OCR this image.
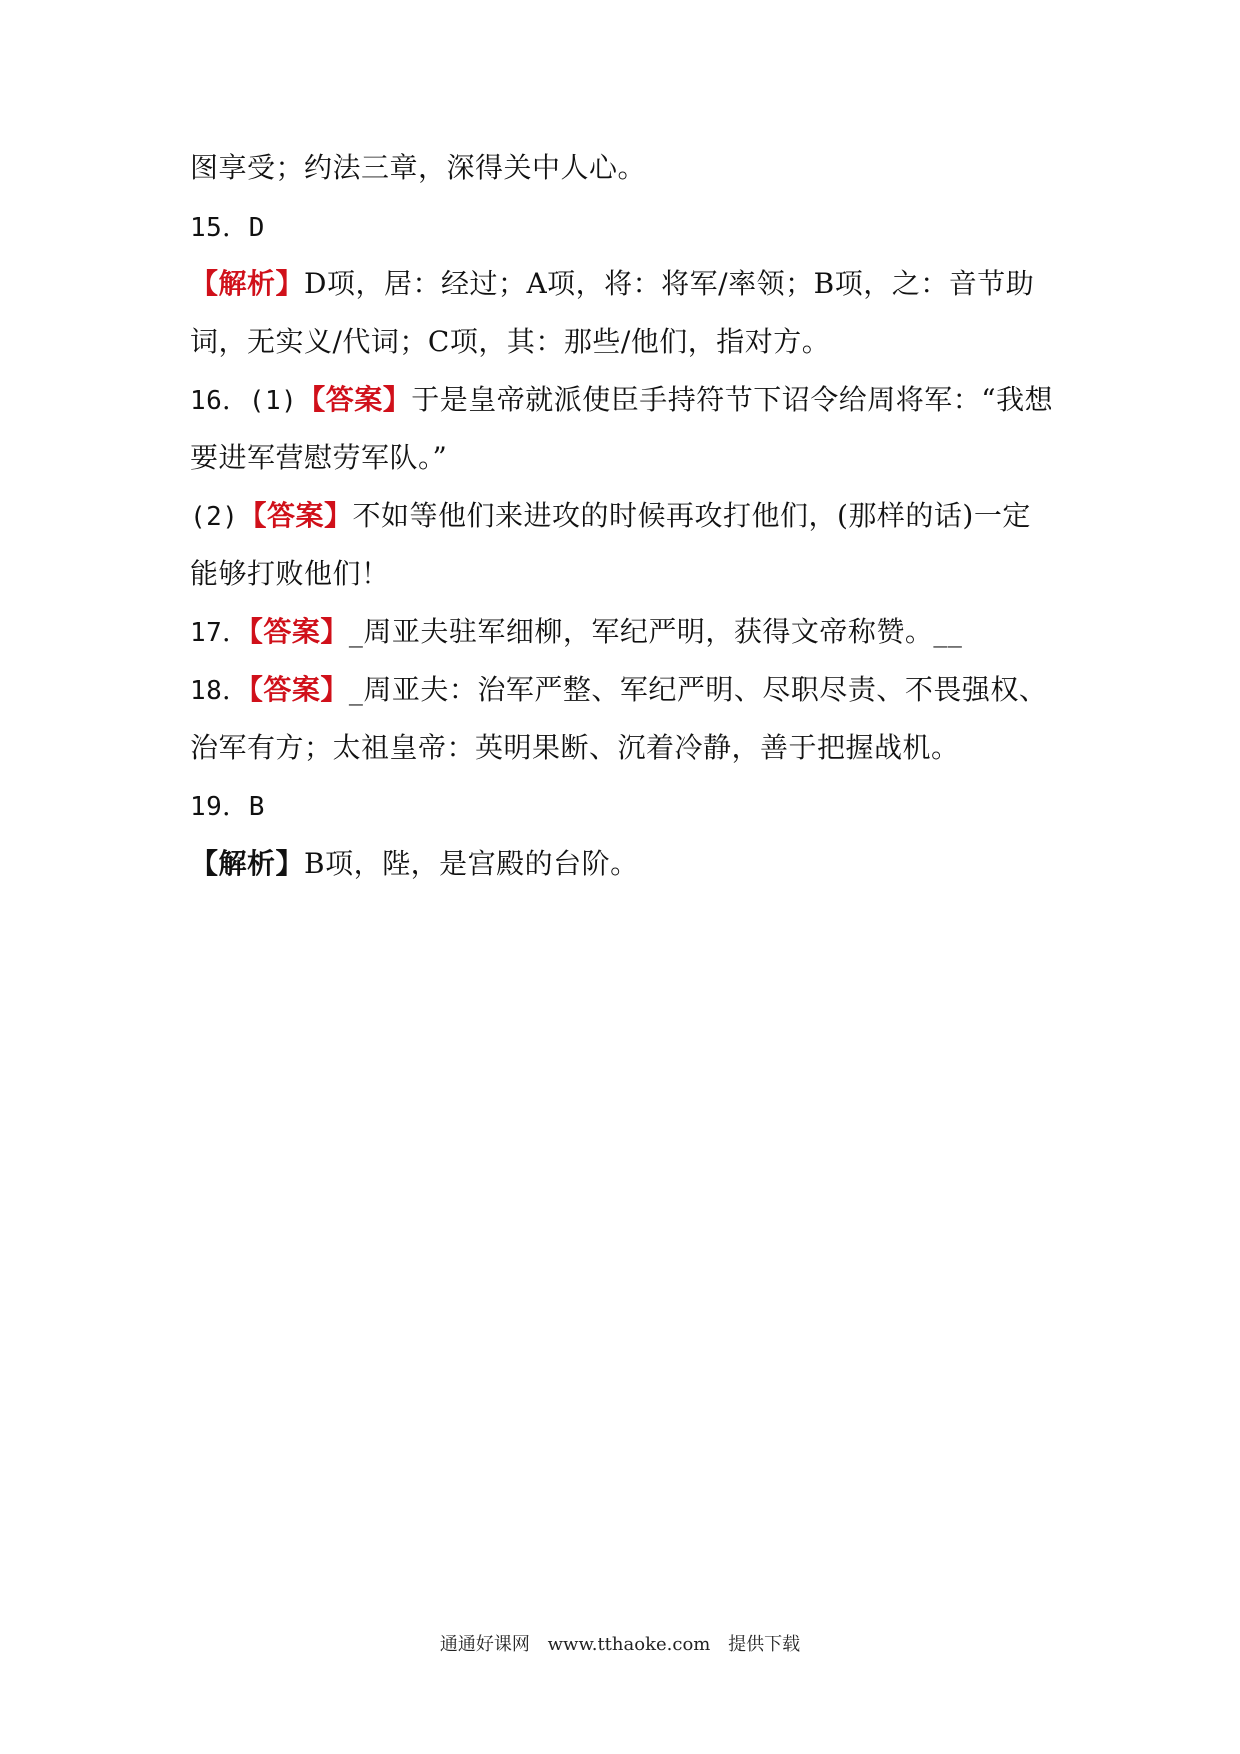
图享受；约法三章，深得关中人心。
15．D
【解析】D项，居：经过；A项，将：将军/率领；B项，之：音节助
词，无实义/代词；C项，其：那些/他们，指对方。
16．(1)【答案】于是皇帝就派使臣手持符节下诏令给周将军：“我想
要进军营慰劳军队。”
(2)【答案】不如等他们来进攻的时候再攻打他们，(那样的话)一定
能够打败他们！
17．【答案】_周亚夫驻军细柳，军纪严明，获得文帝称赞。__
18．【答案】_周亚夫：治军严整、军纪严明、尽职尽责、不畏强权、
治军有方；太祖皇帝：英明果断、沉着冷静，善于把握战机。
19．B
【解析】B项，陛，是宫殿的台阶。
通通好课网 www.tthaoke.com 提供下载
